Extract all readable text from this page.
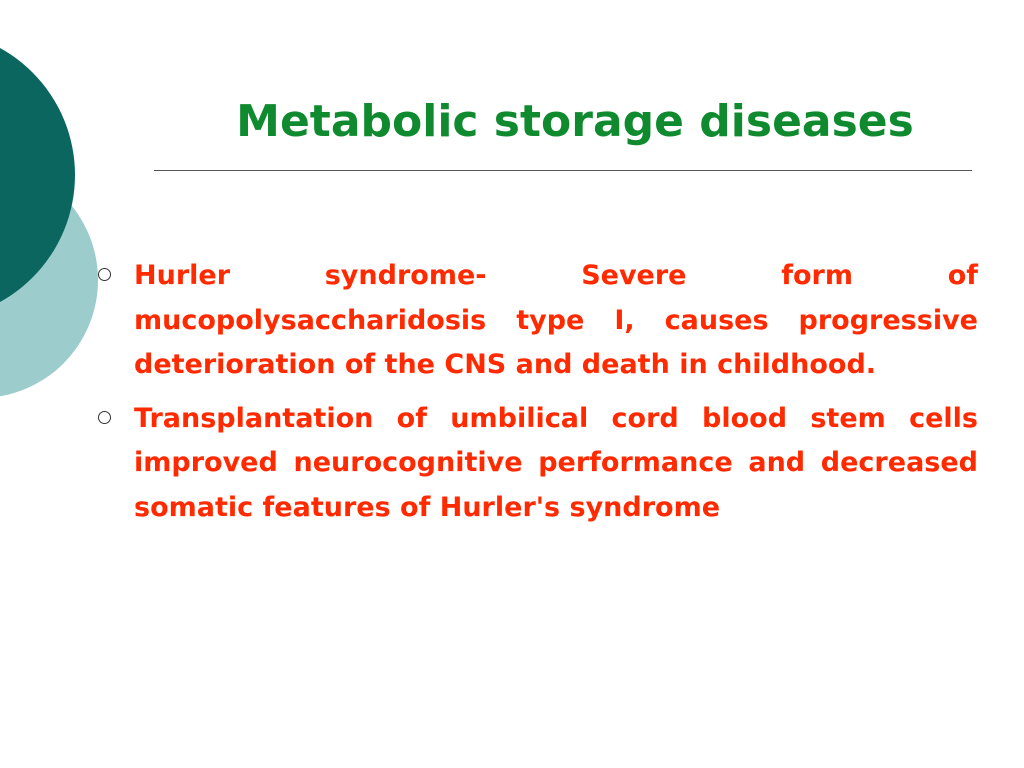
Metabolic storage diseases
Hurler syndrome- Severe form of mucopolysaccharidosis type I, causes progressive deterioration of the CNS and death in childhood.
Transplantation of umbilical cord blood stem cells improved neurocognitive performance and decreased somatic features of Hurler's syndrome
